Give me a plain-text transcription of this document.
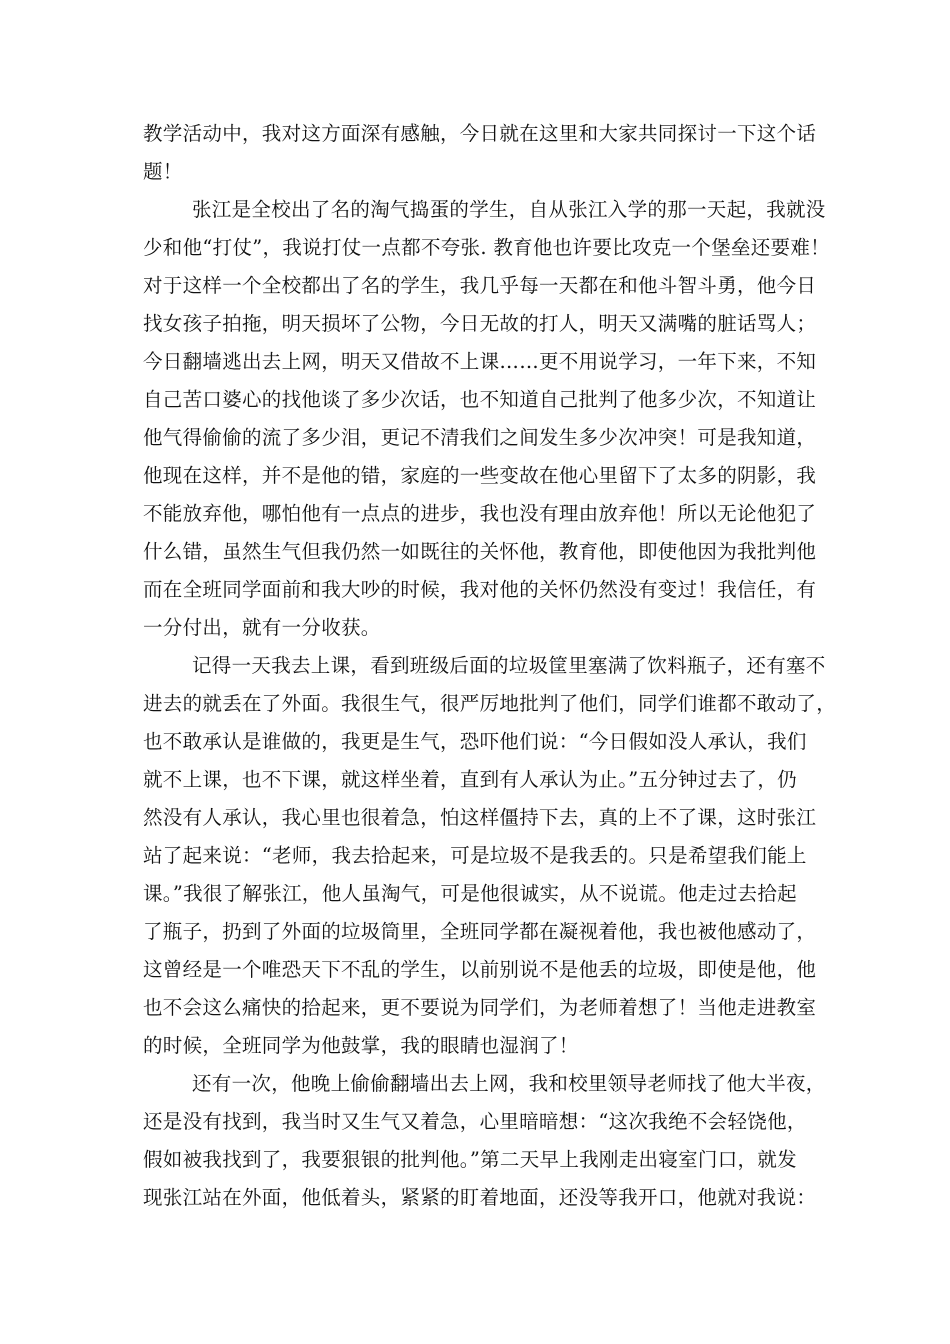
教学活动中，我对这方面深有感触，今日就在这里和大家共同探讨一下这个话
题！
张江是全校出了名的淘气捣蛋的学生，自从张江入学的那一天起，我就没
少和他“打仗”，我说打仗一点都不夸张. 教育他也许要比攻克一个堡垒还要难！
对于这样一个全校都出了名的学生，我几乎每一天都在和他斗智斗勇，他今日
找女孩子拍拖，明天损坏了公物，今日无故的打人，明天又满嘴的脏话骂人；
今日翻墙逃出去上网，明天又借故不上课……更不用说学习，一年下来，不知
自己苦口婆心的找他谈了多少次话，也不知道自己批判了他多少次，不知道让
他气得偷偷的流了多少泪，更记不清我们之间发生多少次冲突！可是我知道，
他现在这样，并不是他的错，家庭的一些变故在他心里留下了太多的阴影，我
不能放弃他，哪怕他有一点点的进步，我也没有理由放弃他！所以无论他犯了
什么错，虽然生气但我仍然一如既往的关怀他，教育他，即使他因为我批判他
而在全班同学面前和我大吵的时候，我对他的关怀仍然没有变过！我信任，有
一分付出，就有一分收获。
记得一天我去上课，看到班级后面的垃圾筐里塞满了饮料瓶子，还有塞不
进去的就丢在了外面。我很生气，很严厉地批判了他们，同学们谁都不敢动了，
也不敢承认是谁做的，我更是生气，恐吓他们说：“今日假如没人承认，我们
就不上课，也不下课，就这样坐着，直到有人承认为止。”五分钟过去了，仍
然没有人承认，我心里也很着急，怕这样僵持下去，真的上不了课，这时张江
站了起来说：“老师，我去拾起来，可是垃圾不是我丢的。只是希望我们能上
课。”我很了解张江，他人虽淘气，可是他很诚实，从不说谎。他走过去拾起
了瓶子，扔到了外面的垃圾筒里，全班同学都在凝视着他，我也被他感动了，
这曾经是一个唯恐天下不乱的学生，以前别说不是他丢的垃圾，即使是他，他
也不会这么痛快的拾起来，更不要说为同学们，为老师着想了！当他走进教室
的时候，全班同学为他鼓掌，我的眼睛也湿润了！
还有一次，他晚上偷偷翻墙出去上网，我和校里领导老师找了他大半夜，
还是没有找到，我当时又生气又着急，心里暗暗想：“这次我绝不会轻饶他，
假如被我找到了，我要狠银的批判他。”第二天早上我刚走出寝室门口，就发
现张江站在外面，他低着头，紧紧的盯着地面，还没等我开口，他就对我说：
